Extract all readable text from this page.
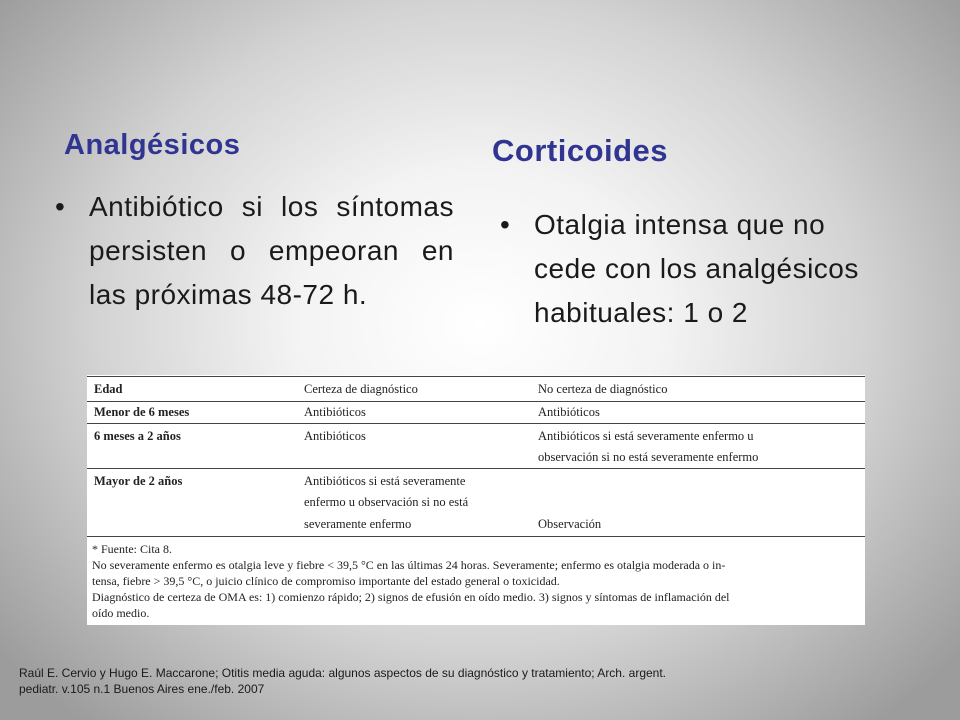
Analgésicos	Corticoides
• Antibiótico si los síntomas persisten o empeoran en las próximas 48-72 h.
• Otalgia intensa que no cede con los analgésicos habituales: 1 o 2
Edad	Certeza de diagnóstico	No certeza de diagnóstico
Menor de 6 meses	Antibióticos	Antibióticos
6 meses a 2 años	Antibióticos	Antibióticos si está severamente enfermo u
observación si no está severamente enfermo
Mayor de 2 años	Antibióticos si está severamente
enfermo u observación si no está
severamente enfermo	Observación
* Fuente: Cita 8.
No severamente enfermo es otalgia leve y fiebre < 39,5 °C en las últimas 24 horas. Severamente; enfermo es otalgia moderada o in-
tensa, fiebre > 39,5 °C, o juicio clínico de compromiso importante del estado general o toxicidad.
Diagnóstico de certeza de OMA es: 1) comienzo rápido; 2) signos de efusión en oído medio. 3) signos y síntomas de inflamación del
oído medio.
Raúl E. Cervio y Hugo E. Maccarone; Otitis media aguda: algunos aspectos de su diagnóstico y tratamiento; Arch. argent.
pediatr. v.105 n.1 Buenos Aires ene./feb. 2007
